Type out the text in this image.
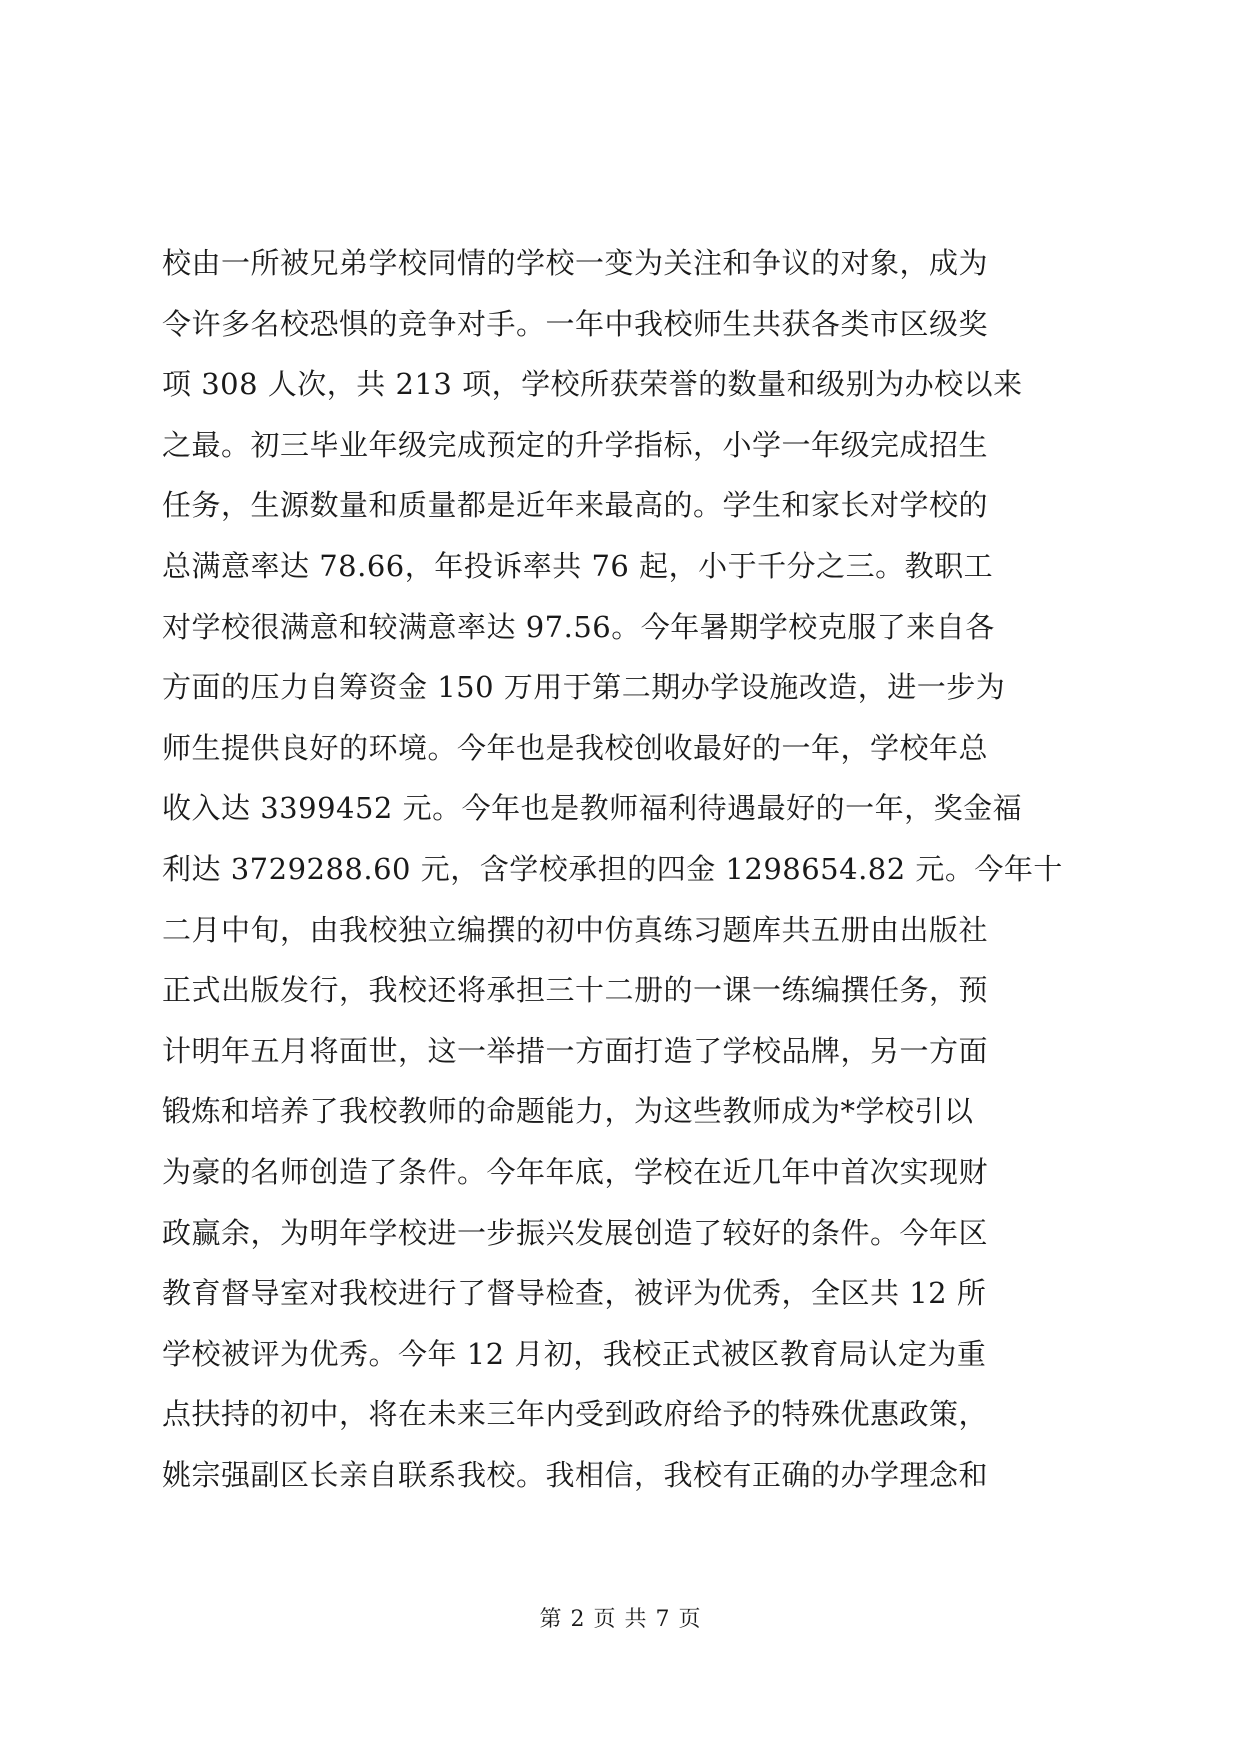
校由一所被兄弟学校同情的学校一变为关注和争议的对象，成为
令许多名校恐惧的竞争对手。一年中我校师生共获各类市区级奖
项 308 人次，共 213 项，学校所获荣誉的数量和级别为办校以来
之最。初三毕业年级完成预定的升学指标，小学一年级完成招生
任务，生源数量和质量都是近年来最高的。学生和家长对学校的
总满意率达 78.66，年投诉率共 76 起，小于千分之三。教职工
对学校很满意和较满意率达 97.56。今年暑期学校克服了来自各
方面的压力自筹资金 150 万用于第二期办学设施改造，进一步为
师生提供良好的环境。今年也是我校创收最好的一年，学校年总
收入达 3399452 元。今年也是教师福利待遇最好的一年，奖金福
利达 3729288.60 元，含学校承担的四金 1298654.82 元。今年十
二月中旬，由我校独立编撰的初中仿真练习题库共五册由出版社
正式出版发行，我校还将承担三十二册的一课一练编撰任务，预
计明年五月将面世，这一举措一方面打造了学校品牌，另一方面
锻炼和培养了我校教师的命题能力，为这些教师成为*学校引以
为豪的名师创造了条件。今年年底，学校在近几年中首次实现财
政赢余，为明年学校进一步振兴发展创造了较好的条件。今年区
教育督导室对我校进行了督导检查，被评为优秀，全区共 12 所
学校被评为优秀。今年 12 月初，我校正式被区教育局认定为重
点扶持的初中，将在未来三年内受到政府给予的特殊优惠政策，
姚宗强副区长亲自联系我校。我相信，我校有正确的办学理念和
第 2 页 共 7 页
